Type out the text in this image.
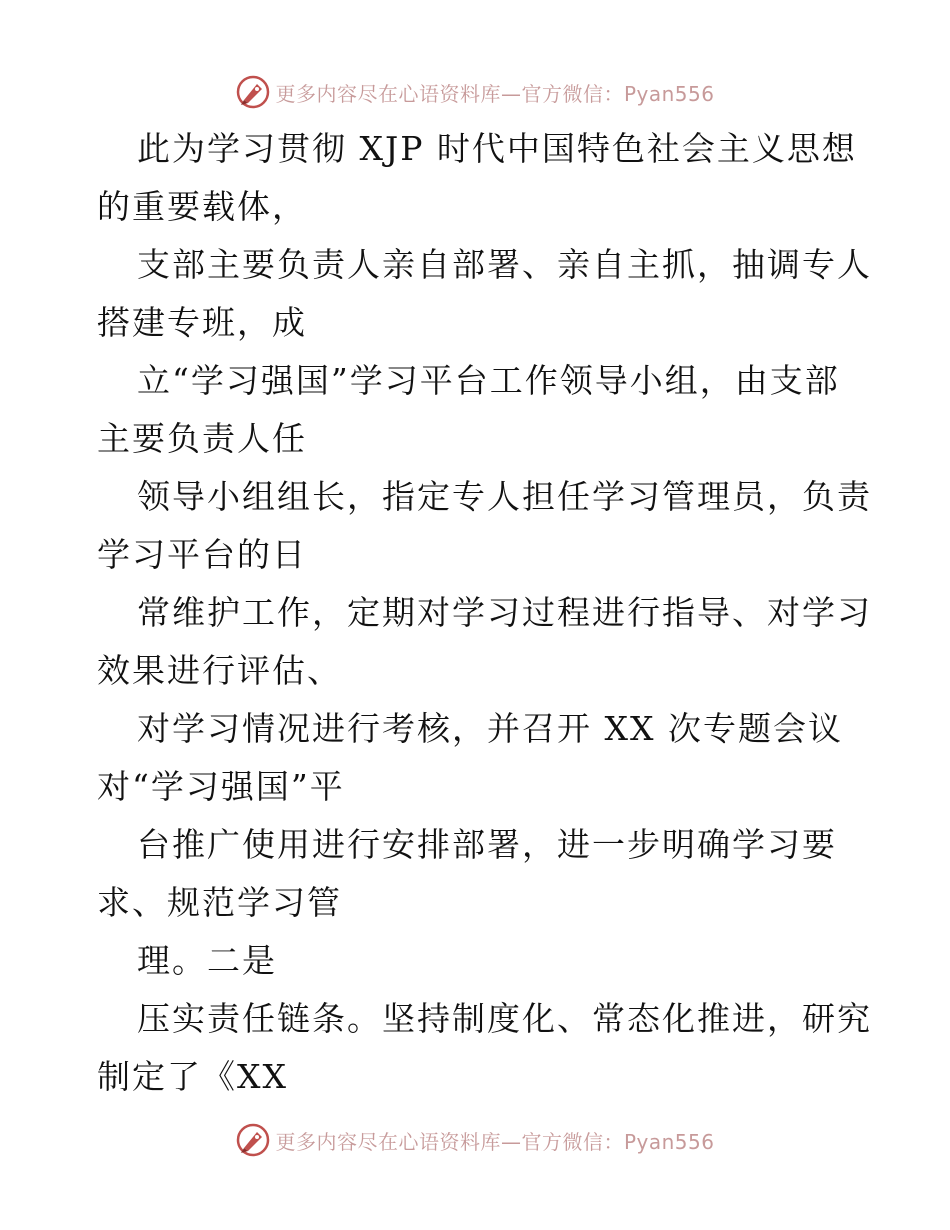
更多内容尽在心语资料库—官方微信：Pyan556
此为学习贯彻 XJP 时代中国特色社会主义思想
的重要载体，
支部主要负责人亲自部署、亲自主抓，抽调专人
搭建专班，成
立“学习强国”学习平台工作领导小组，由支部
主要负责人任
领导小组组长，指定专人担任学习管理员，负责
学习平台的日
常维护工作，定期对学习过程进行指导、对学习
效果进行评估、
对学习情况进行考核，并召开 XX 次专题会议
对“学习强国”平
台推广使用进行安排部署，进一步明确学习要
求、规范学习管
理。二是
压实责任链条。坚持制度化、常态化推进，研究
制定了《XX
更多内容尽在心语资料库—官方微信：Pyan556
